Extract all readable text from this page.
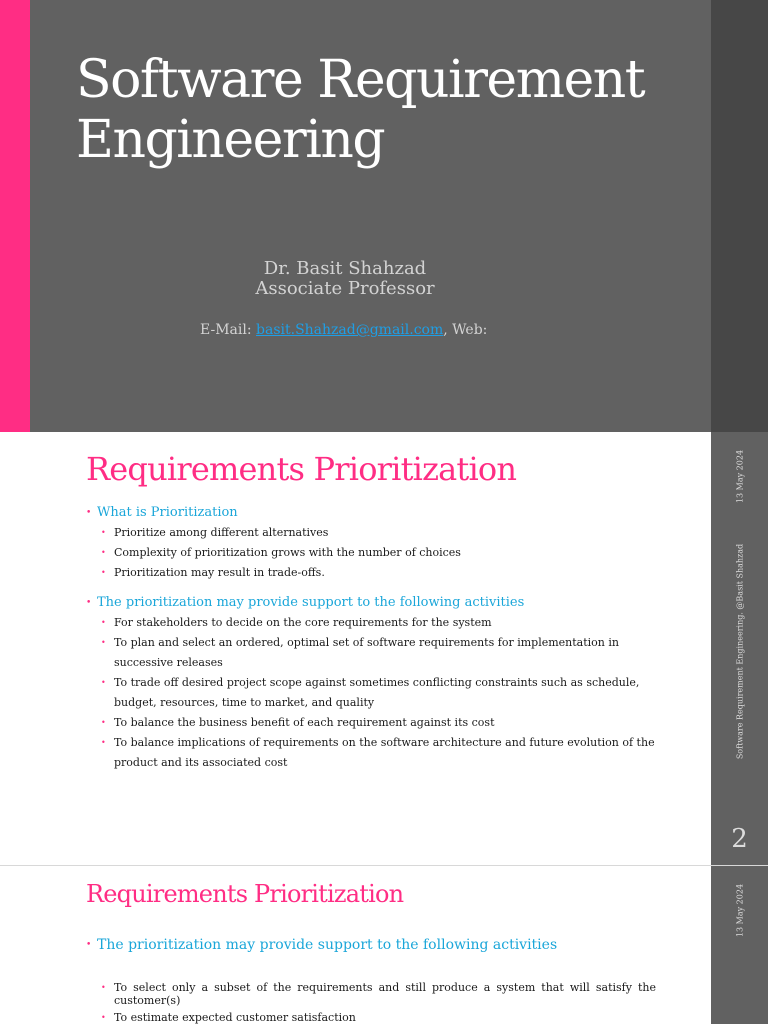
Software Requirement Engineering
Dr. Basit Shahzad
Associate Professor
E-Mail: basit.Shahzad@gmail.com, Web:
13 May 2024
Software Requirement Engineering. @Basit Shahzad
2
Requirements Prioritization
• What is Prioritization
• Prioritize among different alternatives
• Complexity of prioritization grows with the number of choices
• Prioritization may result in trade-offs.
• The prioritization may provide support to the following activities
• For stakeholders to decide on the core requirements for the system
• To plan and select an ordered, optimal set of software requirements for implementation in successive releases
• To trade off desired project scope against sometimes conflicting constraints such as schedule, budget, resources, time to market, and quality
• To balance the business benefit of each requirement against its cost
• To balance implications of requirements on the software architecture and future evolution of the product and its associated cost
13 May 2024
Requirements Prioritization
• The prioritization may provide support to the following activities
• To select only a subset of the requirements and still produce a system that will satisfy the customer(s)
• To estimate expected customer satisfaction
